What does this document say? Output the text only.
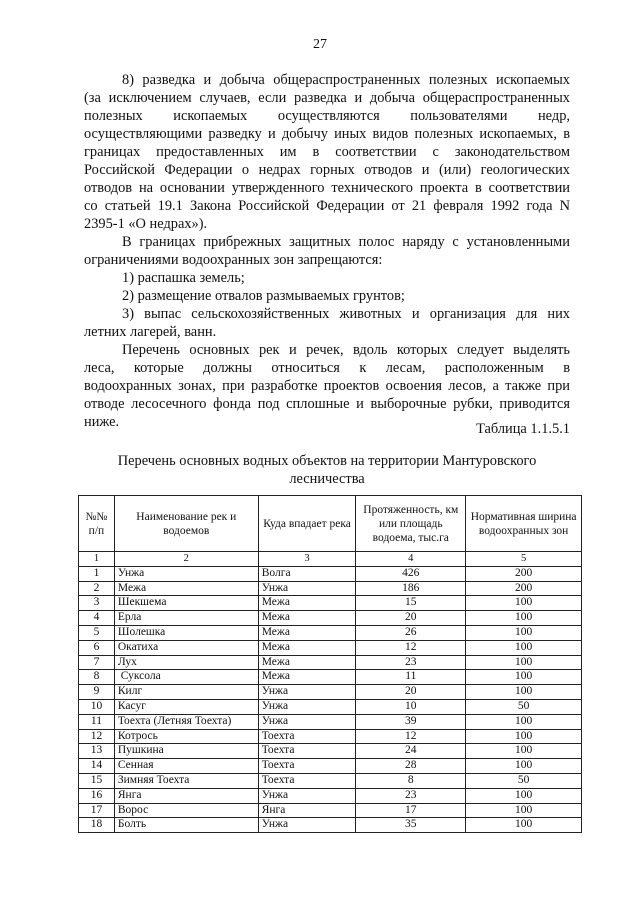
27
8) разведка и добыча общераспространенных полезных ископаемых
(за исключением случаев, если разведка и добыча общераспространенных
полезных ископаемых осуществляются пользователями недр,
осуществляющими разведку и добычу иных видов полезных ископаемых, в
границах предоставленных им в соответствии с законодательством
Российской Федерации о недрах горных отводов и (или) геологических
отводов на основании утвержденного технического проекта в соответствии
со статьей 19.1 Закона Российской Федерации от 21 февраля 1992 года N
2395-1 «О недрах»).
В границах прибрежных защитных полос наряду с установленными
ограничениями водоохранных зон запрещаются:
1) распашка земель;
2) размещение отвалов размываемых грунтов;
3) выпас сельскохозяйственных животных и организация для них
летних лагерей, ванн.
Перечень основных рек и речек, вдоль которых следует выделять
леса, которые должны относиться к лесам, расположенным в
водоохранных зонах, при разработке проектов освоения лесов, а также при
отводе лесосечного фонда под сплошные и выборочные рубки, приводится
ниже.	Таблица 1.1.5.1
Перечень основных водных объектов на территории Мантуровского
лесничества
№№ п/п	Наименование рек и водоемов	Куда впадает река	Протяженность, км или площадь водоема, тыс.га	Нормативная ширина водоохранных зон
1	2	3	4	5
1	Унжа	Волга	426	200
2	Межа	Унжа	186	200
3	Шекшема	Межа	15	100
4	Ерла	Межа	20	100
5	Шолешка	Межа	26	100
6	Окатиха	Межа	12	100
7	Лух	Межа	23	100
8	Суксола	Межа	11	100
9	Килг	Унжа	20	100
10	Касуг	Унжа	10	50
11	Тоехта (Летняя Тоехта)	Унжа	39	100
12	Котрось	Тоехта	12	100
13	Пушкина	Тоехта	24	100
14	Сенная	Тоехта	28	100
15	Зимняя Тоехта	Тоехта	8	50
16	Янга	Унжа	23	100
17	Ворос	Янга	17	100
18	Болть	Унжа	35	100
